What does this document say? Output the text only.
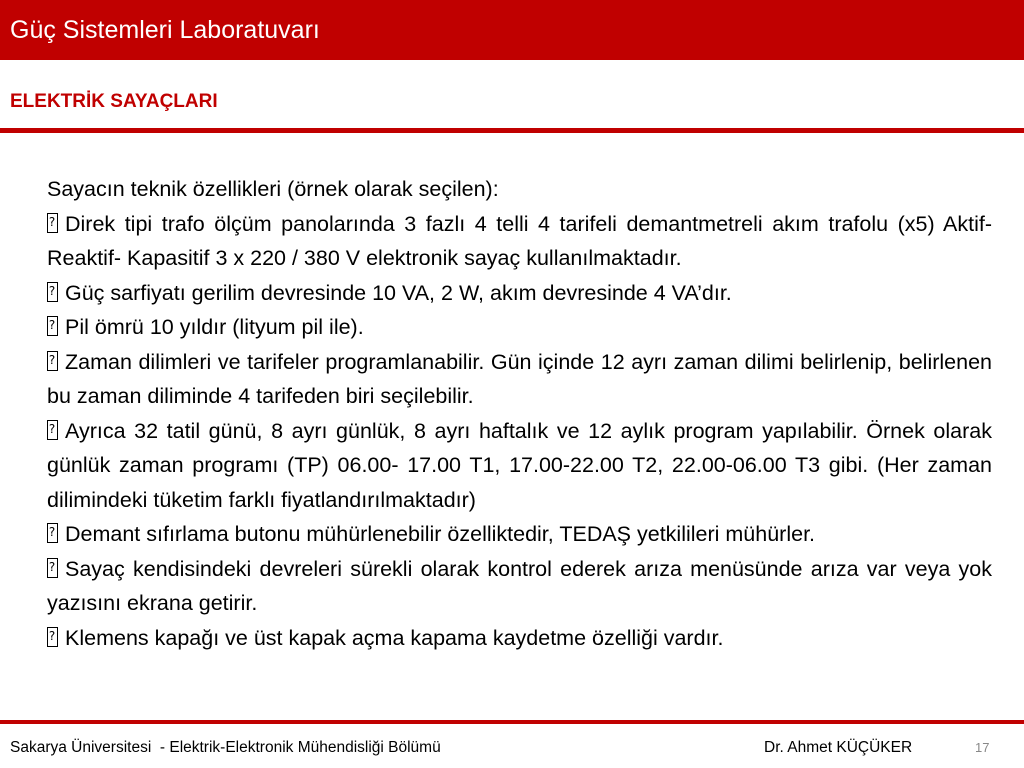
Güç Sistemleri Laboratuvarı
ELEKTRİK SAYAÇLARI

Sayacın teknik özellikleri (örnek olarak seçilen):

?Direk tipi trafo ölçüm panolarında 3 fazlı 4 telli 4 tarifeli demantmetreli akım trafolu (x5) Aktif- Reaktif- Kapasitif 3 x 220 / 380 V elektronik sayaç kullanılmaktadır.

?Güç sarfiyatı gerilim devresinde 10 VA, 2 W, akım devresinde 4 VA’dır.

?Pil ömrü 10 yıldır (lityum pil ile).

?Zaman dilimleri ve tarifeler programlanabilir. Gün içinde 12 ayrı zaman dilimi belirlenip, belirlenen bu zaman diliminde 4 tarifeden biri seçilebilir.

?Ayrıca 32 tatil günü, 8 ayrı günlük, 8 ayrı haftalık ve 12 aylık program yapılabilir. Örnek olarak günlük zaman programı (TP) 06.00- 17.00 T1, 17.00-22.00 T2, 22.00-06.00 T3 gibi. (Her zaman dilimindeki tüketim farklı fiyatlandırılmaktadır)

?Demant sıfırlama butonu mühürlenebilir özelliktedir, TEDAŞ yetkilileri mühürler.

?Sayaç kendisindeki devreleri sürekli olarak kontrol ederek arıza menüsünde arıza var veya yok yazısını ekrana getirir.

?Klemens kapağı ve üst kapak açma kapama kaydetme özelliği vardır.

Sakarya Üniversitesi  - Elektrik-Elektronik Mühendisliği Bölümü	Dr. Ahmet KÜÇÜKER	17
